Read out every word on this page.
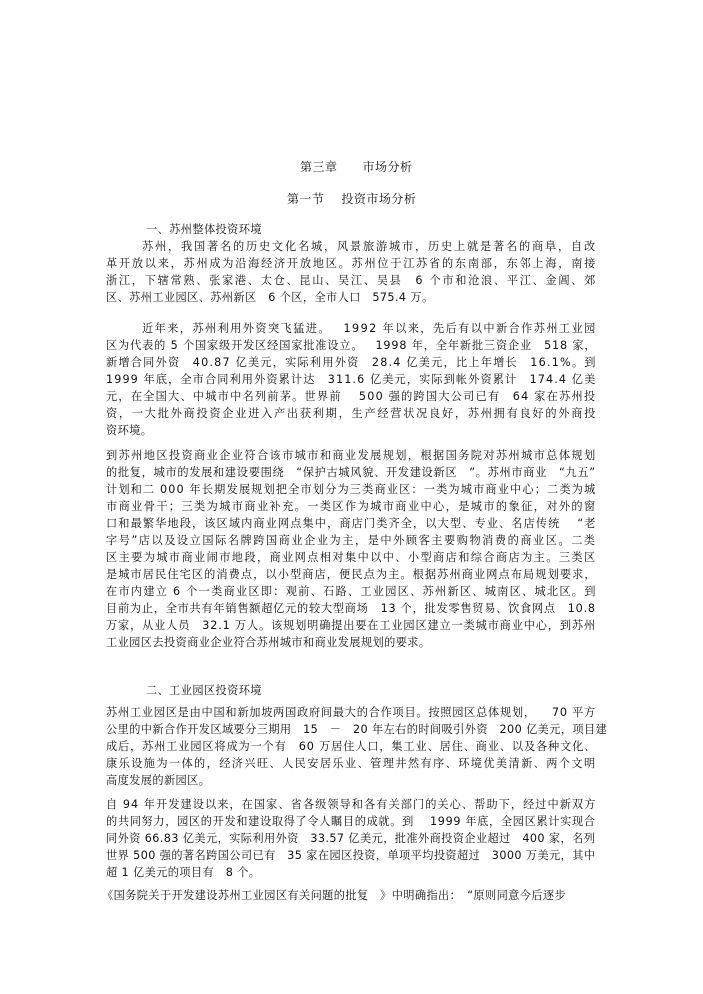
第三章　　市场分析
第一节　 投资市场分析
一、苏州整体投资环境
苏 州 ， 我 国 著 名 的 历 史 文 化 名 城 ， 风 景 旅 游 城 市 ， 历 史 上 就 是 著 名 的 商 阜 ， 自 改
革 开 放 以 来 ， 苏 州 成 为 沿 海 经 济 开 放 地 区 。 苏 州 位 于 江 苏 省 的 东 南 部 ， 东 邻 上 海 ， 南 接
浙 江 ， 下 辖 常 熟 、 张 家 港 、 太 仓 、 昆 山 、 吴 江 、 吴 县
　 6
个 市 和 沧 浪 、 平 江 、 金 阊 、 郊
区、苏州工业园区、苏州新区　6 个区，全市人口　575.4 万。
近 年 来 ， 苏 州 利 用 外 资 突 飞 猛 进 。
　 1 9 9 2
年 以 来 ， 先 后 有 以 中 新 合 作 苏 州 工 业 园
区 为 代 表 的
5
个 国 家 级 开 发 区 经 国 家 批 准 设 立 。
　 1 9 9 8
年 ， 全 年 新 批 三 资 企 业
　 5 1 8
家 ，
新 增 合 同 外 资
　 4 0 . 8 7
亿 美 元 ， 实 际 利 用 外 资
　 2 8 . 4
亿 美 元 ， 比 上 年 增 长
　 1 6 . 1 % 。 到
1 9 9 9
年 底 ， 全 市 合 同 利 用 外 资 累 计 达
　 3 1 1 . 6
亿 美 元 ， 实 际 到 帐 外 资 累 计
　 1 7 4 . 4
亿 美
元 ， 在 全 国 大 、 中 城 市 中 名 列 前 茅 。 世 界 前

5 0 0
强 的 跨 国 大 公 司 已 有
　 6 4
家 在 苏 州 投
资 ， 一 大 批 外 商 投 资 企 业 进 入 产 出 获 利 期 ， 生 产 经 营 状 况 良 好 ， 苏 州 拥 有 良 好 的 外 商 投
资环境。
到 苏 州 地 区 投 资 商 业 企 业 符 合 该 市 城 市 和 商 业 发 展 规 划 ， 根 据 国 务 院 对 苏 州 城 市 总 体 规 划
的 批 复 ， 城 市 的 发 展 和 建 设 要 围 绕
　 “ 保 护 古 城 风 貌 、 开 发 建 设 新 区
　 ” 。 苏 州 市 商 业
　 “ 九 五 ”
计 划 和 二
0 0 0
年 长 期 发 展 规 划 把 全 市 划 分 为 三 类 商 业 区 ： 一 类 为 城 市 商 业 中 心 ； 二 类 为 城
市 商 业 骨 干 ； 三 类 为 城 市 商 业 补 充 。 一 类 区 作 为 城 市 商 业 中 心 ， 是 城 市 的 象 征 ， 对 外 的 窗
口 和 最 繁 华 地 段 ， 该 区 域 内 商 业 网 点 集 中 ， 商 店 门 类 齐 全 ， 以 大 型 、 专 业 、 名 店 传 统

“ 老
字 号 ” 店 以 及 设 立 国 际 名 牌 跨 国 商 业 企 业 为 主 ， 是 中 外 顾 客 主 要 购 物 消 费 的 商 业 区 。 二 类
区 主 要 为 城 市 商 业 闹 市 地 段 ， 商 业 网 点 相 对 集 中 以 中 、 小 型 商 店 和 综 合 商 店 为 主 。 三 类 区
是 城 市 居 民 住 宅 区 的 消 费 点 ， 以 小 型 商 店 ， 便 民 点 为 主 。 根 据 苏 州 商 业 网 点 布 局 规 划 要 求 ，
在 市 内 建 立
6
个 一 类 商 业 区 即 ： 观 前 、 石 路 、 工 业 园 区 、 苏 州 新 区 、 城 南 区 、 城 北 区 。 到
目 前 为 止 ， 全 市 共 有 年 销 售 额 超 亿 元 的 较 大 型 商 场
　 1 3
个 ， 批 发 零 售 贸 易 、 饮 食 网 点
　 1 0 . 8
万 家 ， 从 业 人 员
　 3 2 . 1
万 人 。 该 规 划 明 确 提 出 要 在 工 业 园 区 建 立 一 类 城 市 商 业 中 心 ， 到 苏 州
工业园区去投资商业企业符合苏州城市和商业发展规划的要求。
二、工业园区投资环境
苏 州 工 业 园 区 是 由 中 国 和 新 加 坡 两 国 政 府 间 最 大 的 合 作 项 目 。 按 照 园 区 总 体 规 划 ，

7 0
平 方
公 里 的 中 新 合 作 开 发 区 域 要 分 三 期 用
　 1 5
　 －
　 2 0
年 左 右 的 时 间 吸 引 外 资
　 2 0 0
亿 美 元 ， 项 目 建
成 后 ， 苏 州 工 业 园 区 将 成 为 一 个 有
　 6 0
万 居 住 人 口 ， 集 工 业 、 居 住 、 商 业 、 以 及 各 种 文 化 、
康 乐 设 施 为 一 体 的 ， 经 济 兴 旺 、 人 民 安 居 乐 业 、 管 理 井 然 有 序 、 环 境 优 美 清 新 、 两 个 文 明
高度发展的新园区。
自
9 4
年 开 发 建 设 以 来 ， 在 国 家 、 省 各 级 领 导 和 各 有 关 部 门 的 关 心 、 帮 助 下 ， 经 过 中 新 双 方
的 共 同 努 力 ， 园 区 的 开 发 和 建 设 取 得 了 令 人 瞩 目 的 成 就 。 到

1 9 9 9
年 底 ， 全 园 区 累 计 实 现 合
同 外 资
6 6 . 8 3
亿 美 元 ， 实 际 利 用 外 资
　 3 3 . 5 7
亿 美 元 ， 批 准 外 商 投 资 企 业 超 过
　 4 0 0
家 ， 名 列
世 界
5 0 0
强 的 著 名 跨 国 公 司 已 有
　 3 5
家 在 园 区 投 资 ， 单 项 平 均 投 资 超 过
　 3 0 0 0
万 美 元 ， 其 中
超 1 亿美元的项目有　8 个。
《国务院关于开发建设苏州工业园区有关问题的批复　》中明确指出：　“原则同意今后逐步
